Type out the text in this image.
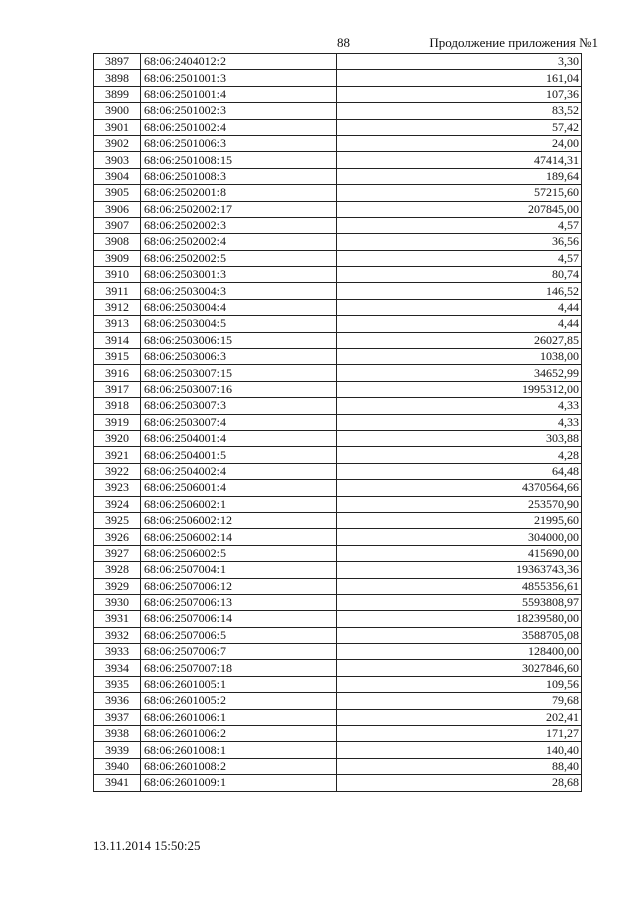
88	Продолжение приложения №1
3897	68:06:2404012:2	3,30
3898	68:06:2501001:3	161,04
3899	68:06:2501001:4	107,36
3900	68:06:2501002:3	83,52
3901	68:06:2501002:4	57,42
3902	68:06:2501006:3	24,00
3903	68:06:2501008:15	47414,31
3904	68:06:2501008:3	189,64
3905	68:06:2502001:8	57215,60
3906	68:06:2502002:17	207845,00
3907	68:06:2502002:3	4,57
3908	68:06:2502002:4	36,56
3909	68:06:2502002:5	4,57
3910	68:06:2503001:3	80,74
3911	68:06:2503004:3	146,52
3912	68:06:2503004:4	4,44
3913	68:06:2503004:5	4,44
3914	68:06:2503006:15	26027,85
3915	68:06:2503006:3	1038,00
3916	68:06:2503007:15	34652,99
3917	68:06:2503007:16	1995312,00
3918	68:06:2503007:3	4,33
3919	68:06:2503007:4	4,33
3920	68:06:2504001:4	303,88
3921	68:06:2504001:5	4,28
3922	68:06:2504002:4	64,48
3923	68:06:2506001:4	4370564,66
3924	68:06:2506002:1	253570,90
3925	68:06:2506002:12	21995,60
3926	68:06:2506002:14	304000,00
3927	68:06:2506002:5	415690,00
3928	68:06:2507004:1	19363743,36
3929	68:06:2507006:12	4855356,61
3930	68:06:2507006:13	5593808,97
3931	68:06:2507006:14	18239580,00
3932	68:06:2507006:5	3588705,08
3933	68:06:2507006:7	128400,00
3934	68:06:2507007:18	3027846,60
3935	68:06:2601005:1	109,56
3936	68:06:2601005:2	79,68
3937	68:06:2601006:1	202,41
3938	68:06:2601006:2	171,27
3939	68:06:2601008:1	140,40
3940	68:06:2601008:2	88,40
3941	68:06:2601009:1	28,68
13.11.2014 15:50:25
